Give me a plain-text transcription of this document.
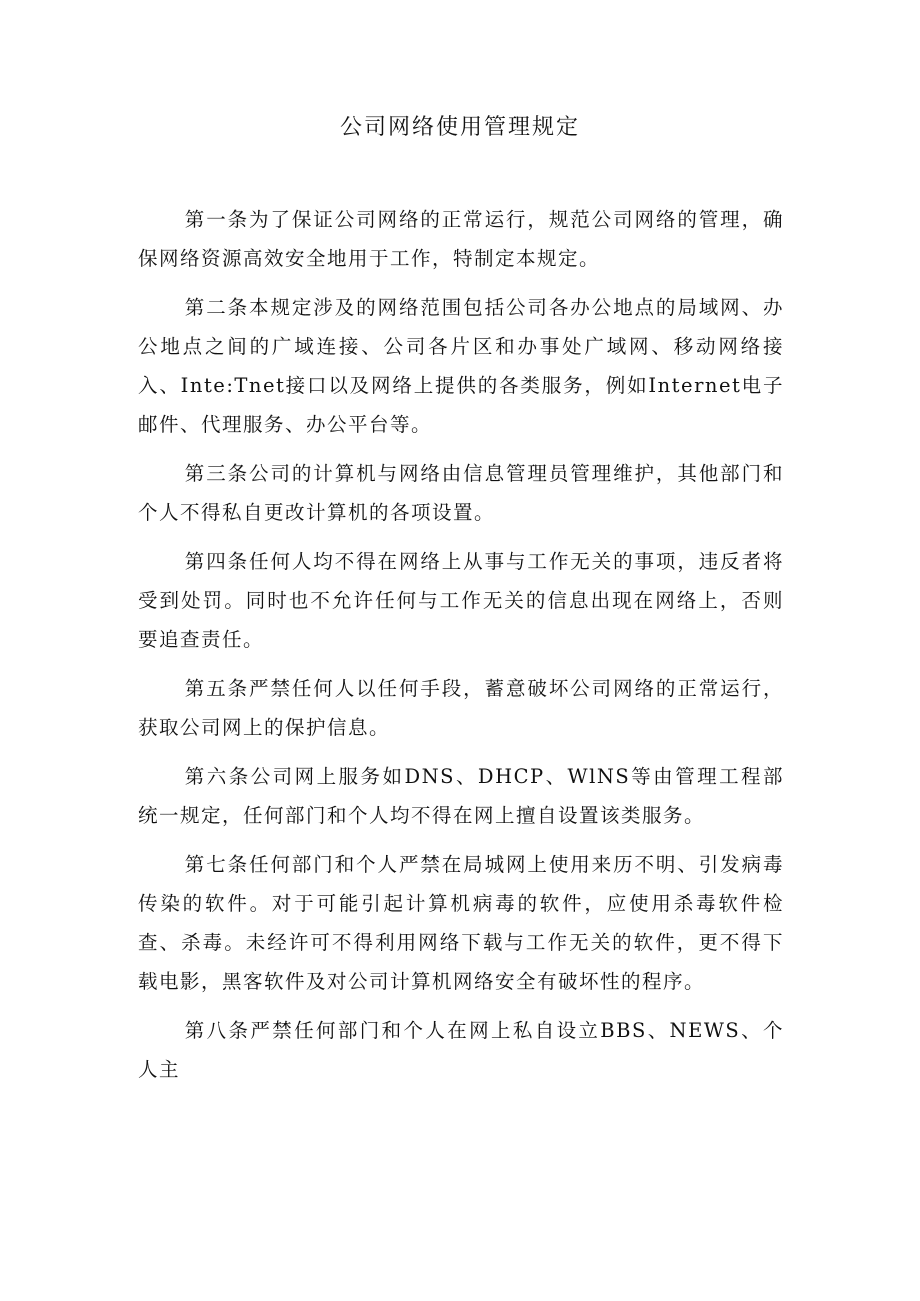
公司网络使用管理规定

第一条为了保证公司网络的正常运行，规范公司网络的管理，确保网络资源高效安全地用于工作，特制定本规定。

第二条本规定涉及的网络范围包括公司各办公地点的局域网、办公地点之间的广域连接、公司各片区和办事处广域网、移动网络接入、Inte:Tnet接口以及网络上提供的各类服务，例如Internet电子邮件、代理服务、办公平台等。

第三条公司的计算机与网络由信息管理员管理维护，其他部门和个人不得私自更改计算机的各项设置。

第四条任何人均不得在网络上从事与工作无关的事项，违反者将受到处罚。同时也不允许任何与工作无关的信息出现在网络上，否则要追查责任。

第五条严禁任何人以任何手段，蓄意破坏公司网络的正常运行，获取公司网上的保护信息。

第六条公司网上服务如DNS、DHCP、WlNS等由管理工程部统一规定，任何部门和个人均不得在网上擅自设置该类服务。

第七条任何部门和个人严禁在局城网上使用来历不明、引发病毒传染的软件。对于可能引起计算机病毒的软件，应使用杀毒软件检查、杀毒。未经许可不得利用网络下载与工作无关的软件，更不得下载电影，黑客软件及对公司计算机网络安全有破坏性的程序。

第八条严禁任何部门和个人在网上私自设立BBS、NEWS、个人主
